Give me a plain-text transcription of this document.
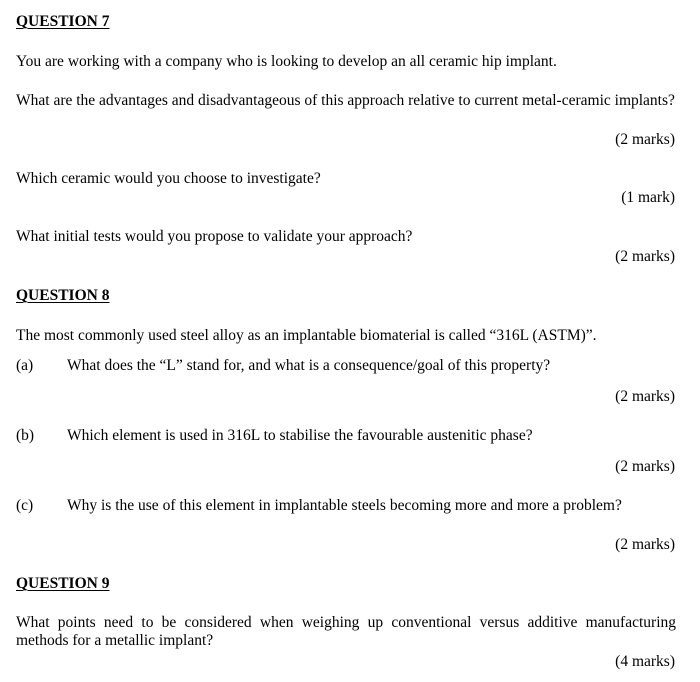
QUESTION 7
You are working with a company who is looking to develop an all ceramic hip implant.
What are the advantages and disadvantageous of this approach relative to current metal-ceramic implants?
(2 marks)
Which ceramic would you choose to investigate?
(1 mark)
What initial tests would you propose to validate your approach?
(2 marks)
QUESTION 8
The most commonly used steel alloy as an implantable biomaterial is called “316L (ASTM)”.
(a) What does the “L” stand for, and what is a consequence/goal of this property?
(2 marks)
(b) Which element is used in 316L to stabilise the favourable austenitic phase?
(2 marks)
(c) Why is the use of this element in implantable steels becoming more and more a problem?
(2 marks)
QUESTION 9
What points need to be considered when weighing up conventional versus additive manufacturing methods for a metallic implant?
(4 marks)
